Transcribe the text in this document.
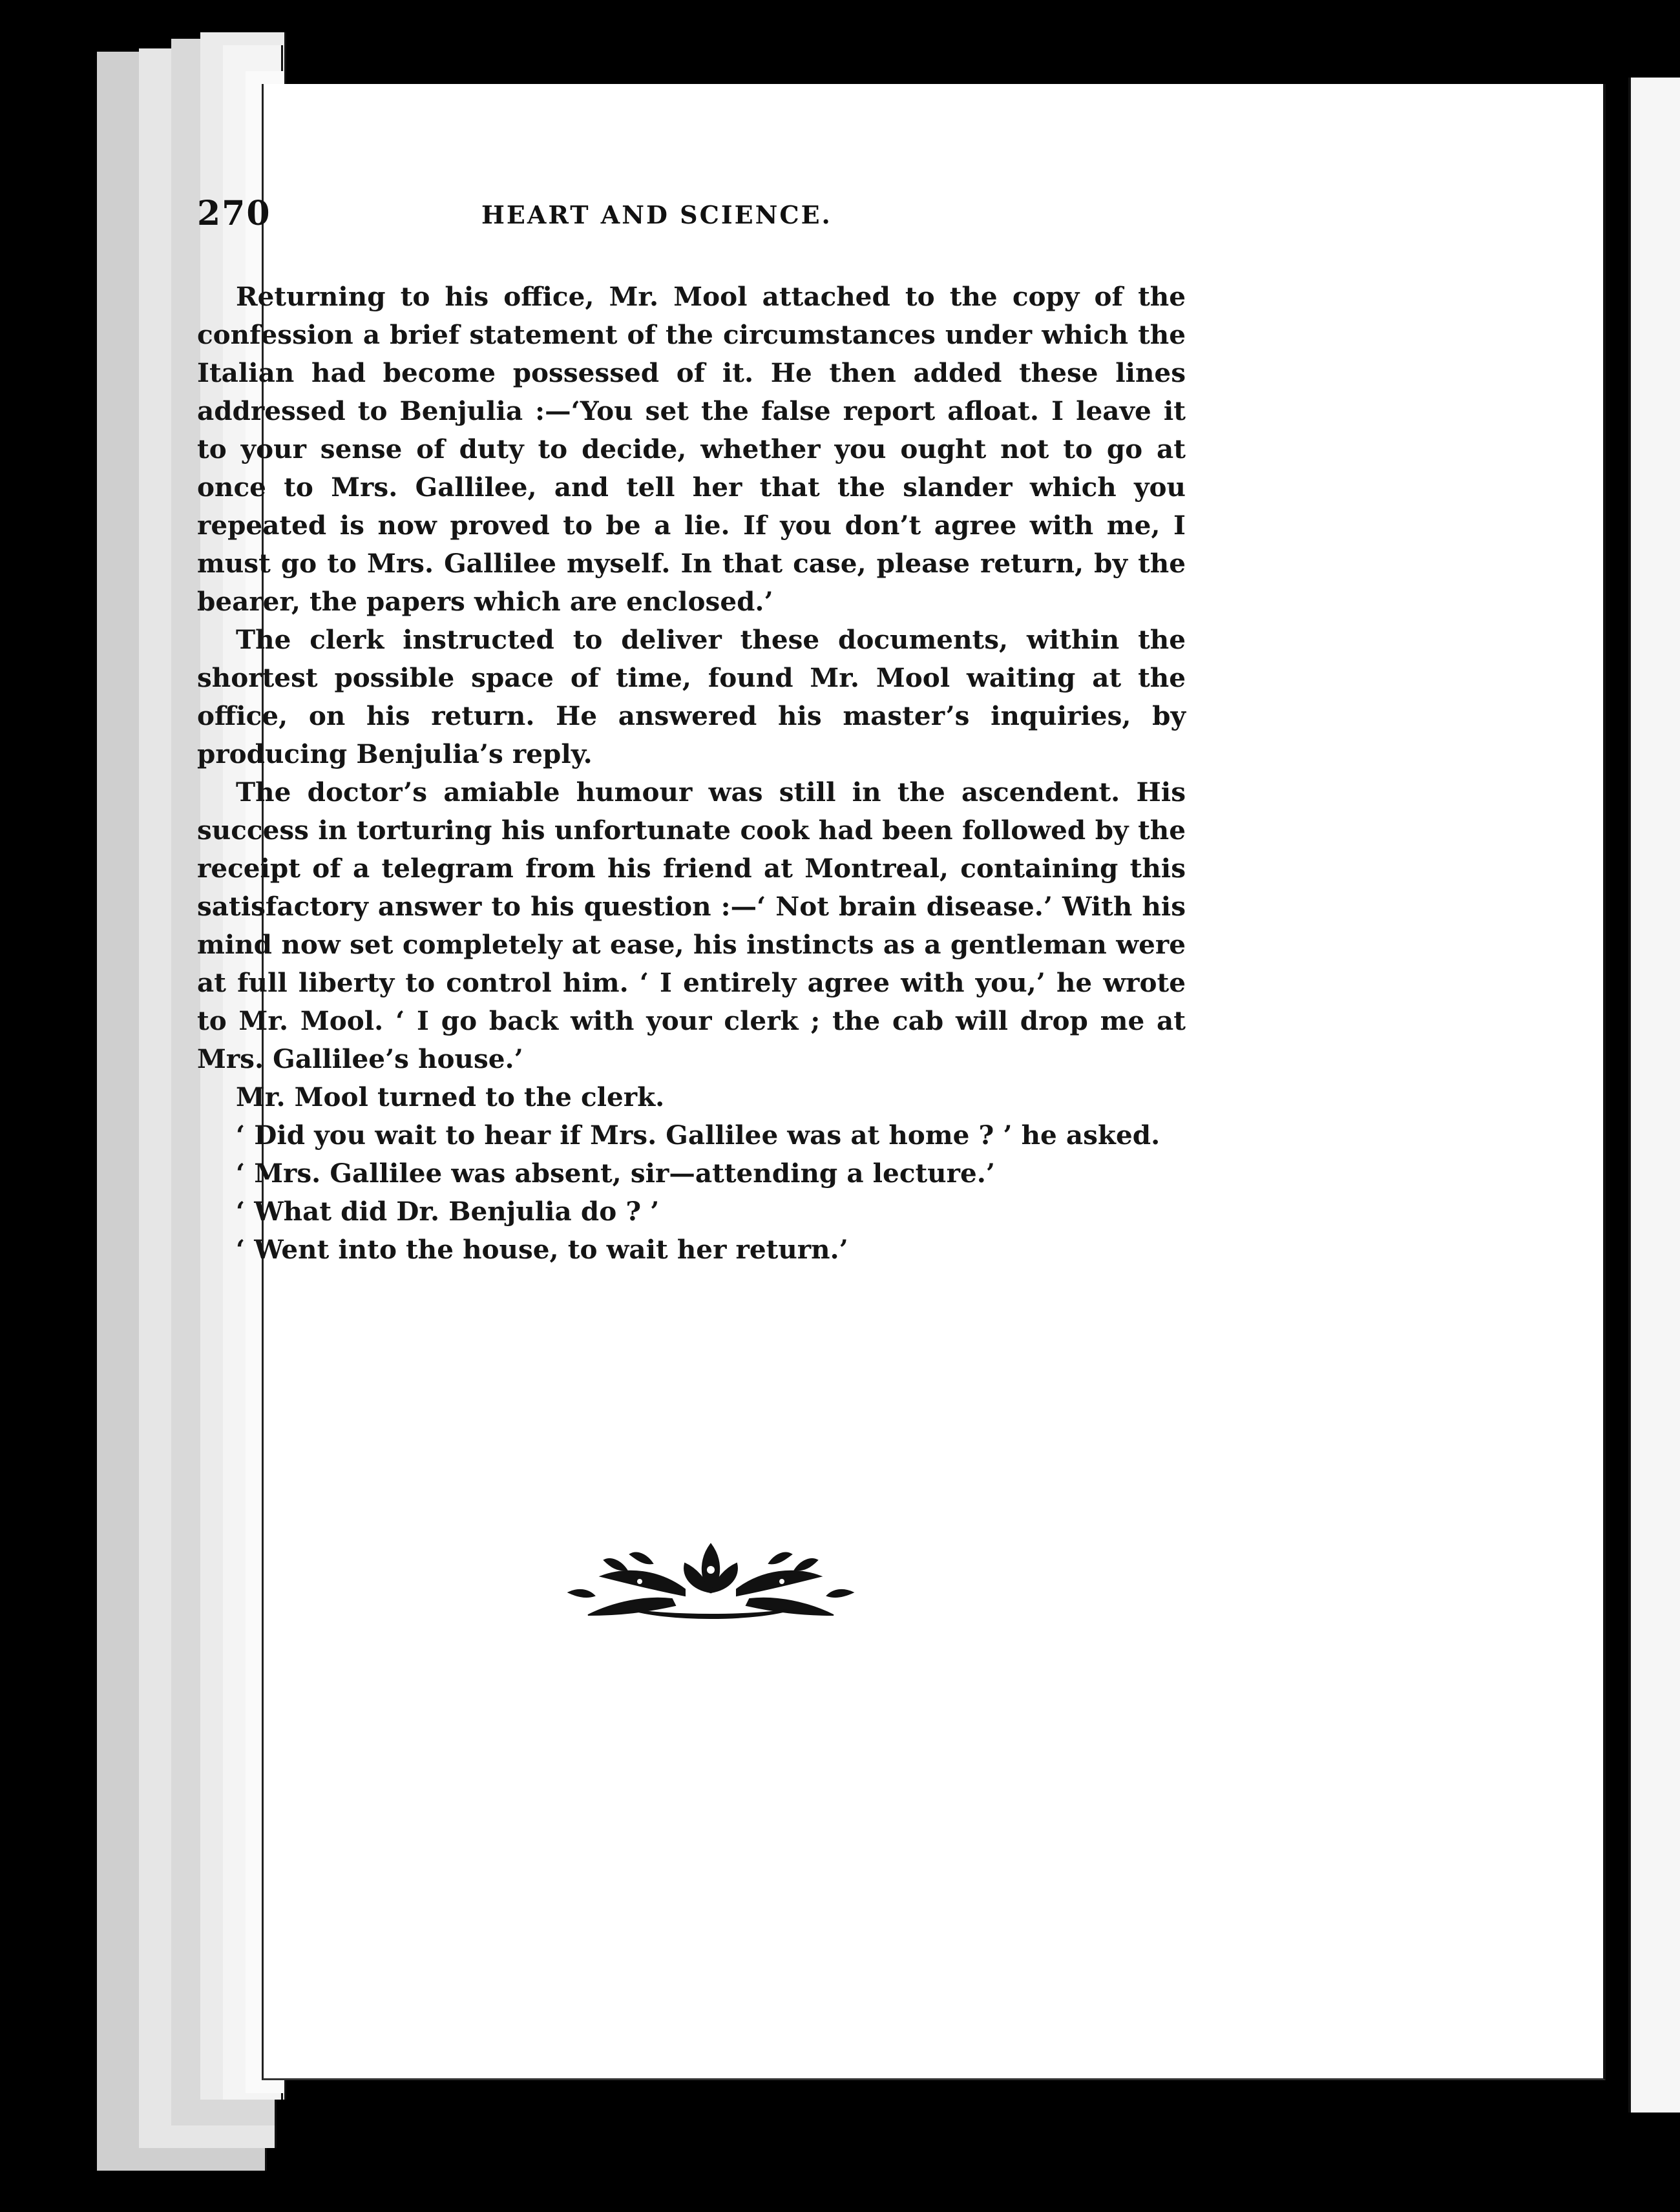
270	HEART AND SCIENCE.

Returning to his office, Mr. Mool attached to the copy of the confession a brief statement of the circumstances under which the Italian had become possessed of it. He then added these lines addressed to Benjulia :—‘You set the false report afloat. I leave it to your sense of duty to decide, whether you ought not to go at once to Mrs. Gallilee, and tell her that the slander which you repeated is now proved to be a lie. If you don’t agree with me, I must go to Mrs. Gallilee myself. In that case, please return, by the bearer, the papers which are enclosed.’

The clerk instructed to deliver these documents, within the shortest possible space of time, found Mr. Mool waiting at the office, on his return. He answered his master’s inquiries, by producing Benjulia’s reply.

The doctor’s amiable humour was still in the ascendent. His success in torturing his unfortunate cook had been followed by the receipt of a telegram from his friend at Montreal, containing this satisfactory answer to his question :—‘ Not brain disease.’ With his mind now set completely at ease, his instincts as a gentleman were at full liberty to control him. ‘ I entirely agree with you,’ he wrote to Mr. Mool. ‘ I go back with your clerk ; the cab will drop me at Mrs. Gallilee’s house.’

Mr. Mool turned to the clerk.

‘ Did you wait to hear if Mrs. Gallilee was at home ? ’ he asked.

‘ Mrs. Gallilee was absent, sir—attending a lecture.’

‘ What did Dr. Benjulia do ? ’

‘ Went into the house, to wait her return.’
